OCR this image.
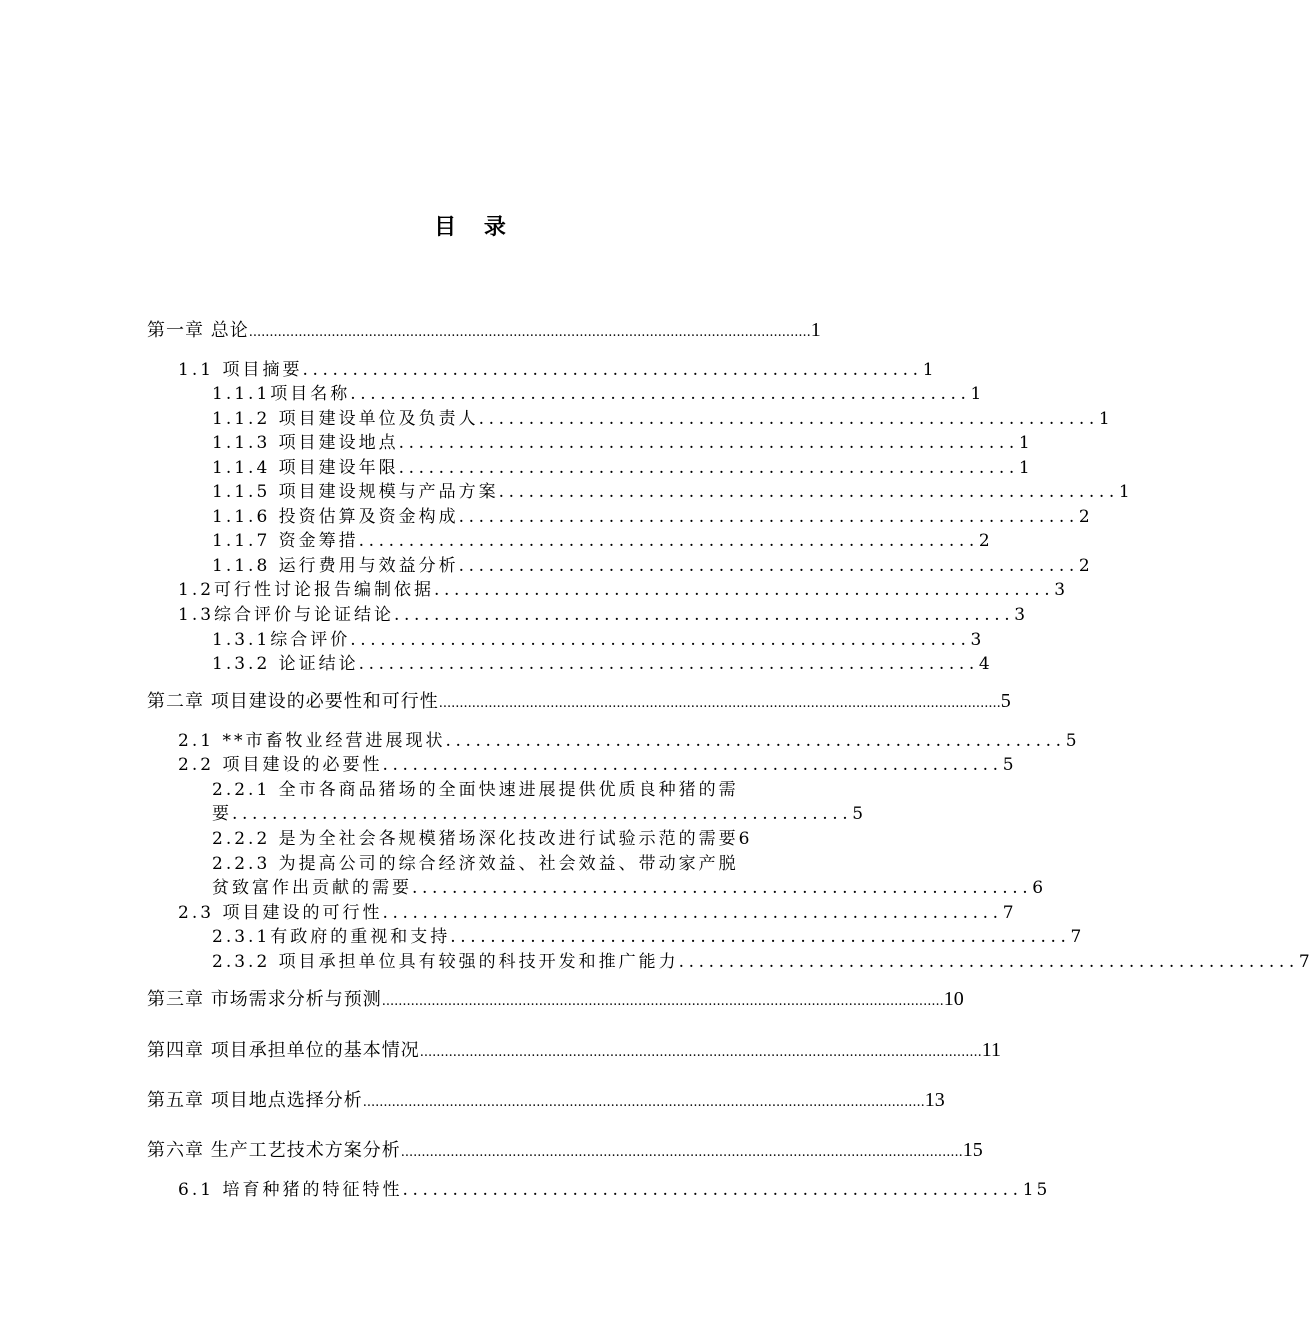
目 录
第一章 总论 ........................................................................................................................................ 1
1.1 项目摘要 .............................................................. 1
1.1.1项目名称 .............................................................. 1
1.1.2 项目建设单位及负责人 .............................................................. 1
1.1.3 项目建设地点 .............................................................. 1
1.1.4 项目建设年限 .............................................................. 1
1.1.5 项目建设规模与产品方案 .............................................................. 1
1.1.6 投资估算及资金构成 .............................................................. 2
1.1.7 资金筹措 .............................................................. 2
1.1.8 运行费用与效益分析 .............................................................. 2
1.2可行性讨论报告编制依据 .............................................................. 3
1.3综合评价与论证结论 .............................................................. 3
1.3.1综合评价 .............................................................. 3
1.3.2 论证结论 .............................................................. 4
第二章 项目建设的必要性和可行性 ........................................................................................................................................ 5
2.1 **市畜牧业经营进展现状 .............................................................. 5
2.2 项目建设的必要性 .............................................................. 5
2.2.1 全市各商品猪场的全面快速进展提供优质良种猪的需
要 .............................................................. 5
2.2.2 是为全社会各规模猪场深化技改进行试验示范的需要 6
2.2.3 为提高公司的综合经济效益、社会效益、带动家产脱
贫致富作出贡献的需要 .............................................................. 6
2.3 项目建设的可行性 .............................................................. 7
2.3.1有政府的重视和支持 .............................................................. 7
2.3.2 项目承担单位具有较强的科技开发和推广能力 .............................................................. 7
第三章 市场需求分析与预测 ........................................................................................................................................ 10
第四章 项目承担单位的基本情况 ........................................................................................................................................ 11
第五章 项目地点选择分析 ........................................................................................................................................ 13
第六章 生产工艺技术方案分析 ........................................................................................................................................ 15
6.1 培育种猪的特征特性 .............................................................. 15
